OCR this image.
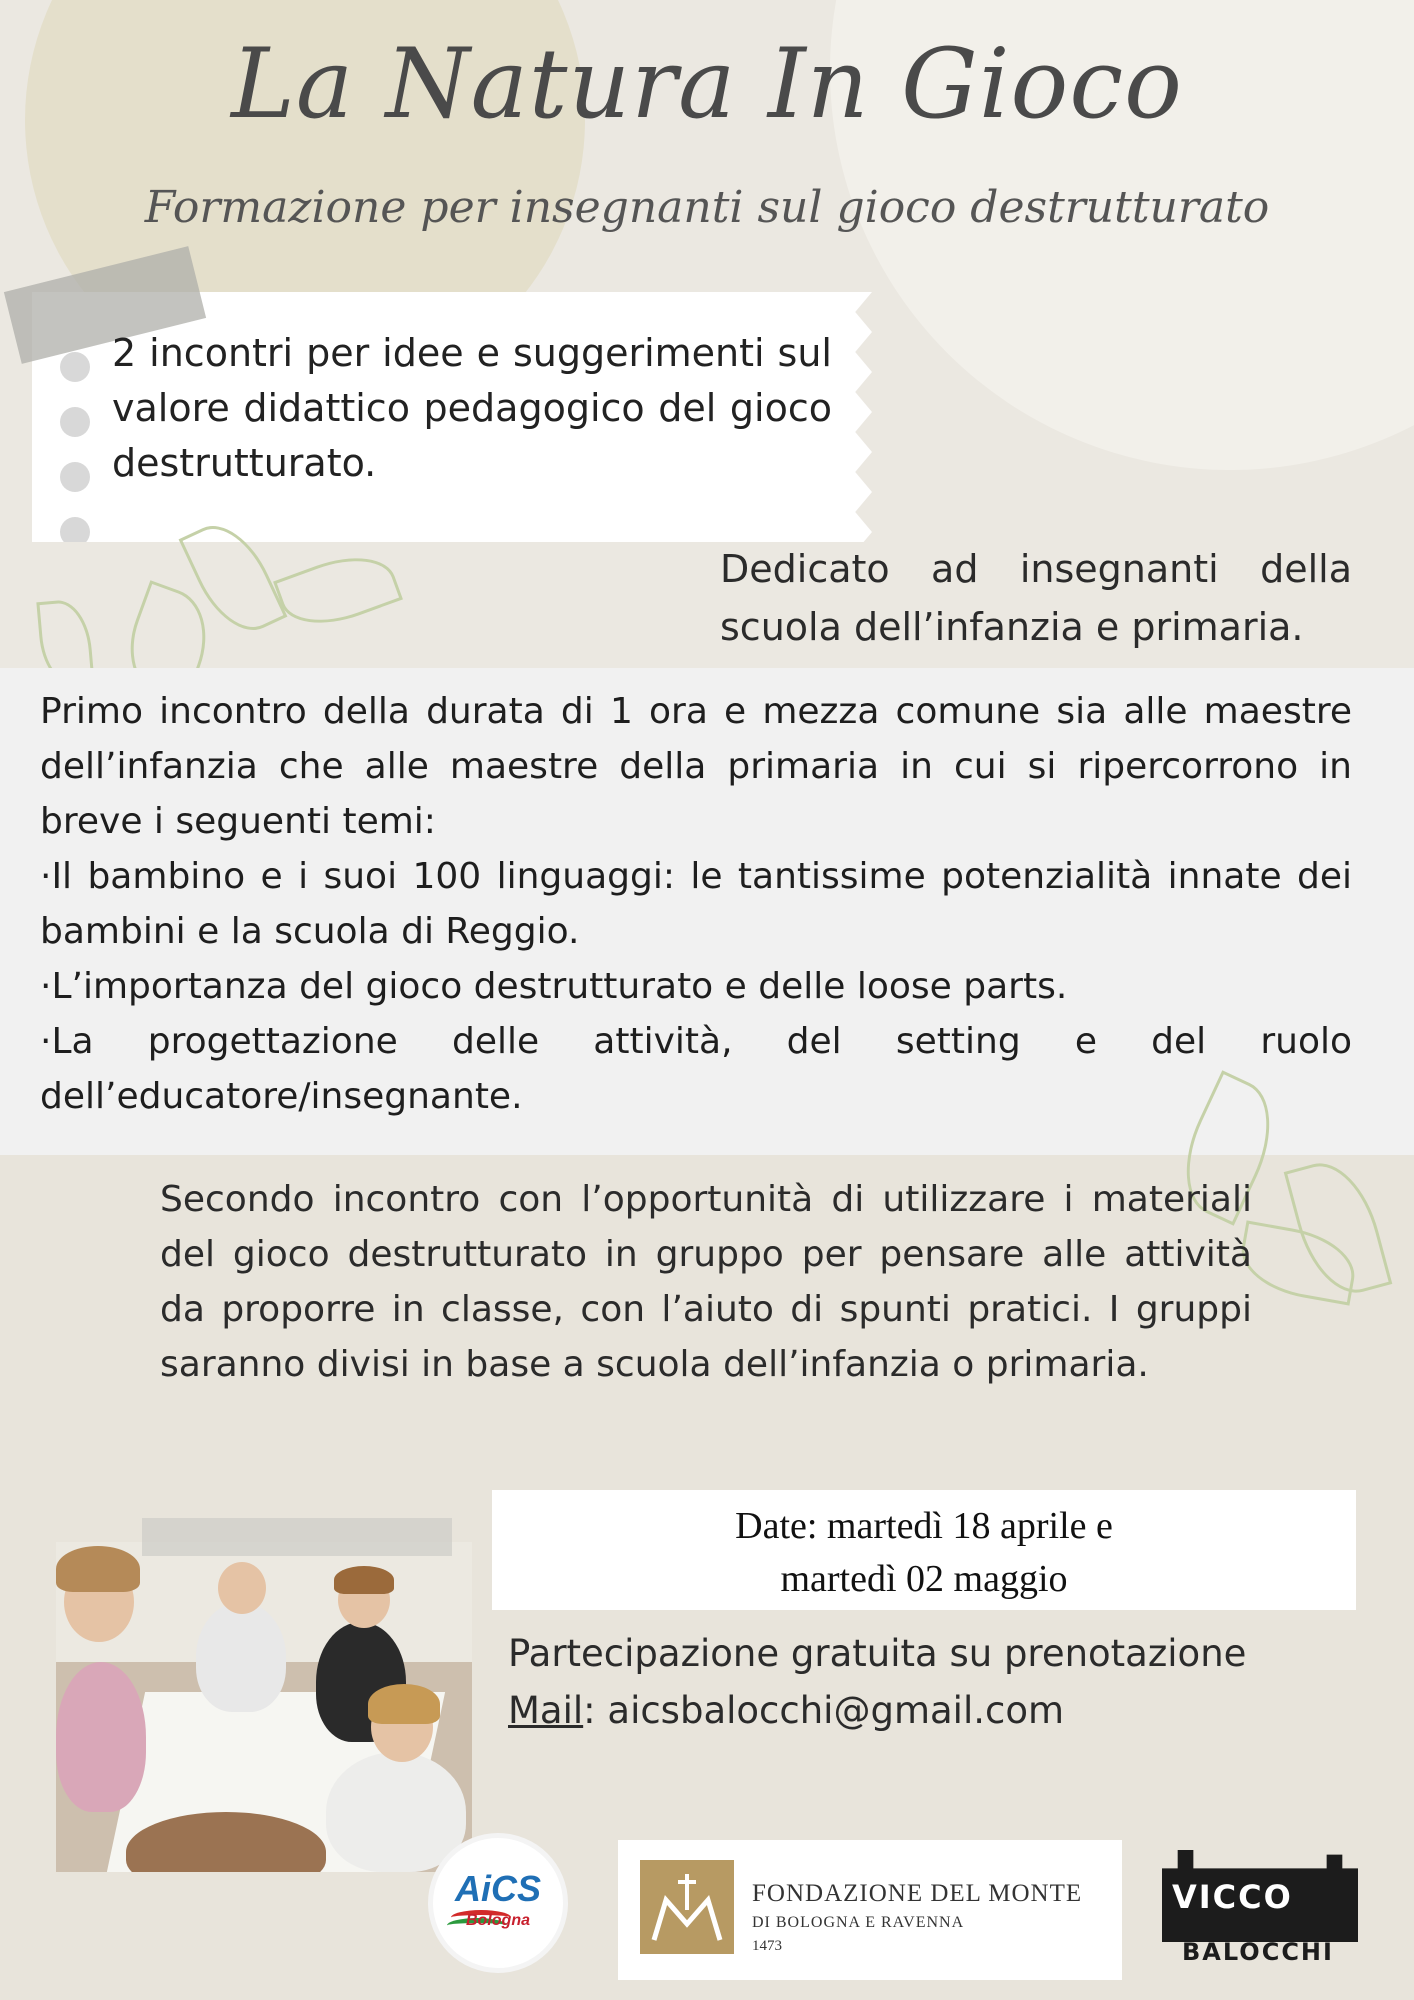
La Natura In Gioco
Formazione per insegnanti sul gioco destrutturato
2 incontri per idee e suggerimenti sul valore didattico pedagogico del gioco destrutturato.
Dedicato ad insegnanti della scuola dell’infanzia e primaria.

Primo incontro della durata di 1 ora e mezza comune sia alle maestre dell’infanzia che alle maestre della primaria in cui si ripercorrono in breve i seguenti temi:

·Il bambino e i suoi 100 linguaggi: le tantissime potenzialità innate dei bambini e la scuola di Reggio.

·L’importanza del gioco destrutturato e delle loose parts.

·La progettazione delle attività, del setting e del ruolo dell’educatore/insegnante.

Secondo incontro con l’opportunità di utilizzare i materiali del gioco destrutturato in gruppo per pensare alle attività da proporre in classe, con l’aiuto di spunti pratici. I gruppi saranno divisi in base a scuola dell’infanzia o primaria.
Date: martedì 18 aprile e
martedì 02 maggio
Partecipazione gratuita su prenotazione
Mail: aicsbalocchi@gmail.com
AiCS
Bologna
FONDAZIONE DEL MONTE
DI BOLOGNA E RAVENNA
1473
VICCO
BALOCCHI
